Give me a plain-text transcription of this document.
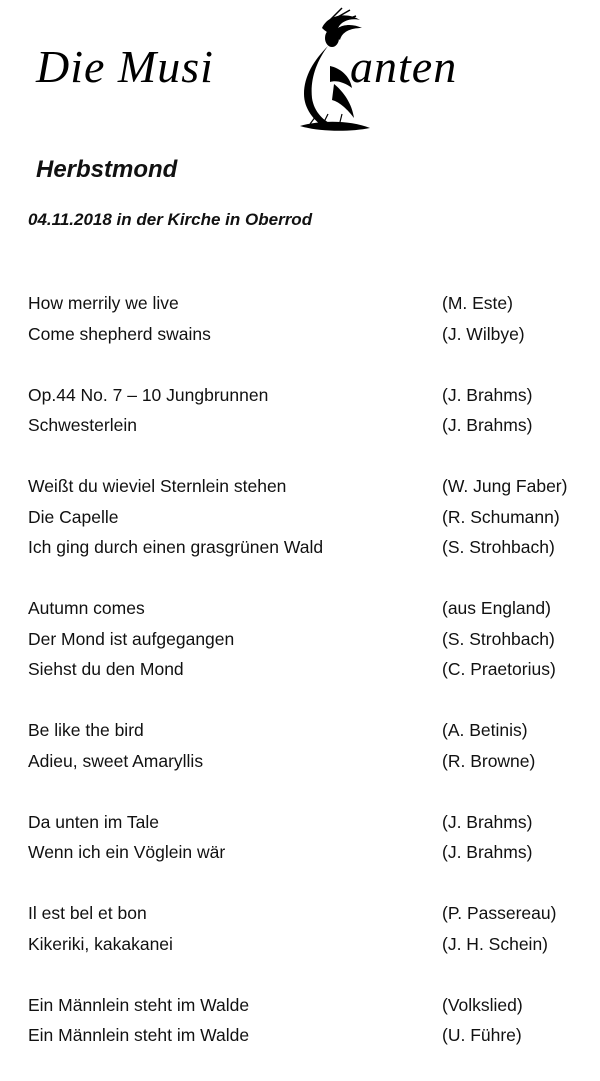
Die Musi	anten
Herbstmond
04.11.2018 in der Kirche in Oberrod
How merrily we live	(M. Este)
Come shepherd swains	(J. Wilbye)
Op.44 No. 7 – 10 Jungbrunnen	(J. Brahms)
Schwesterlein	(J. Brahms)
Weißt du wieviel Sternlein stehen	(W. Jung Faber)
Die Capelle	(R. Schumann)
Ich ging durch einen grasgrünen Wald	(S. Strohbach)
Autumn comes	(aus England)
Der Mond ist aufgegangen	(S. Strohbach)
Siehst du den Mond	(C. Praetorius)
Be like the bird	(A. Betinis)
Adieu, sweet Amaryllis	(R. Browne)
Da unten im Tale	(J. Brahms)
Wenn ich ein Vöglein wär	(J. Brahms)
Il est bel et bon	(P. Passereau)
Kikeriki, kakakanei	(J. H. Schein)
Ein Männlein steht im Walde	(Volkslied)
Ein Männlein steht im Walde	(U. Führe)
